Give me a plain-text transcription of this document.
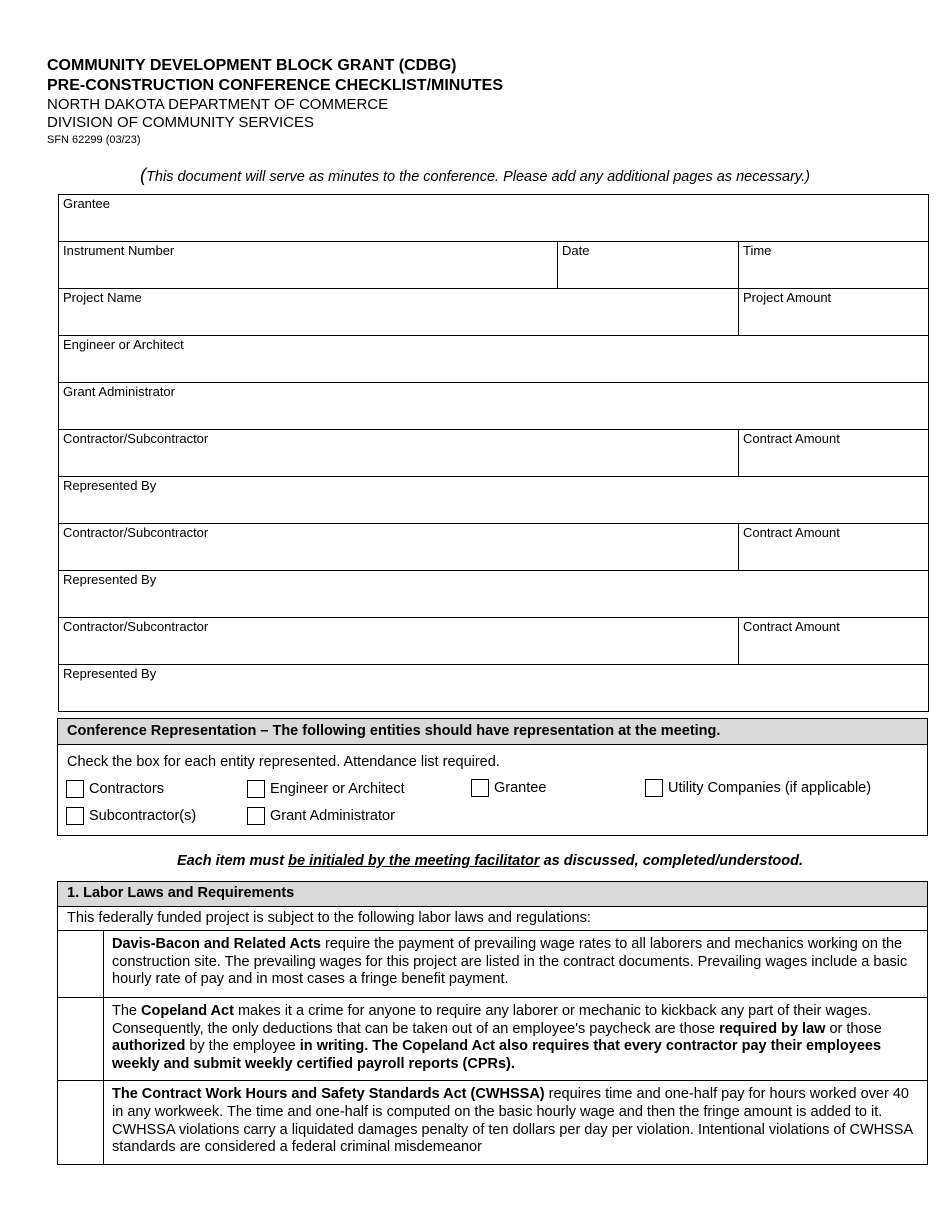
COMMUNITY DEVELOPMENT BLOCK GRANT (CDBG)
PRE-CONSTRUCTION CONFERENCE CHECKLIST/MINUTES
NORTH DAKOTA DEPARTMENT OF COMMERCE
DIVISION OF COMMUNITY SERVICES
SFN 62299 (03/23)
(This document will serve as minutes to the conference. Please add any additional pages as necessary.)
Grantee		
Instrument Number	Date	Time
Project Name		Project Amount
Engineer or Architect		
Grant Administrator		
Contractor/Subcontractor		Contract Amount
Represented By		
Contractor/Subcontractor		Contract Amount
Represented By		
Contractor/Subcontractor		Contract Amount
Represented By		
Conference Representation – The following entities should have representation at the meeting.
Check the box for each entity represented. Attendance list required.
Contractors	Engineer or Architect	Grantee	Utility Companies (if applicable)
Subcontractor(s)	Grant Administrator
Each item must be initialed by the meeting facilitator as discussed, completed/understood.
1. Labor Laws and Requirements	
This federally funded project is subject to the following labor laws and regulations:	
	Davis-Bacon and Related Acts require the payment of prevailing wage rates to all laborers and mechanics working on the construction site. The prevailing wages for this project are listed in the contract documents. Prevailing wages include a basic hourly rate of pay and in most cases a fringe benefit payment.
	The Copeland Act makes it a crime for anyone to require any laborer or mechanic to kickback any part of their wages. Consequently, the only deductions that can be taken out of an employee's paycheck are those required by law or those authorized by the employee in writing. The Copeland Act also requires that every contractor pay their employees weekly and submit weekly certified payroll reports (CPRs).
	The Contract Work Hours and Safety Standards Act (CWHSSA) requires time and one-half pay for hours worked over 40 in any workweek. The time and one-half is computed on the basic hourly wage and then the fringe amount is added to it. CWHSSA violations carry a liquidated damages penalty of ten dollars per day per violation. Intentional violations of CWHSSA standards are considered a federal criminal misdemeanor
